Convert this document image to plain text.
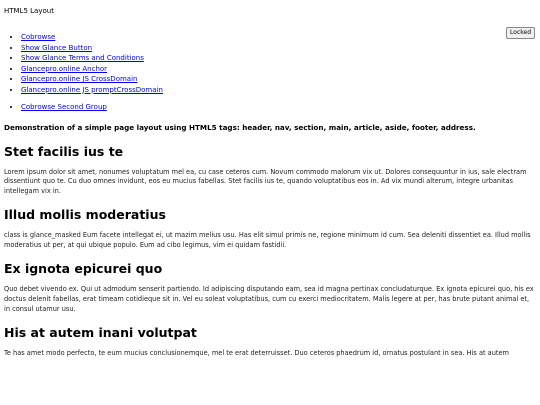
HTML5 Layout

Locked
• Cobrowse
• Show Glance Button
• Show Glance Terms and Conditions
• Glancepro.online Anchor
• Glancepro.online JS CrossDomain
• Glancepro.online JS promptCrossDomain
• Cobrowse Second Group

Demonstration of a simple page layout using HTML5 tags: header, nav, section, main, article, aside, footer, address.

Stet facilis ius te

Lorem ipsum dolor sit amet, nonumes voluptatum mel ea, cu case ceteros cum. Novum commodo malorum vix ut. Dolores consequuntur in ius, sale electram dissentiunt quo te. Cu duo omnes invidunt, eos eu mucius fabellas. Stet facilis ius te, quando voluptatibus eos in. Ad vix mundi alterum, integre urbanitas intellegam vix in.

Illud mollis moderatius

class is glance_masked Eum facete intellegat ei, ut mazim melius usu. Has elit simul primis ne, regione minimum id cum. Sea deleniti dissentiet ea. Illud mollis moderatius ut per, at qui ubique populo. Eum ad cibo legimus, vim ei quidam fastidii.

Ex ignota epicurei quo

Quo debet vivendo ex. Qui ut admodum senserit partiendo. Id adipiscing disputando eam, sea id magna pertinax concludaturque. Ex ignota epicurei quo, his ex doctus delenit fabellas, erat timeam cotidieque sit in. Vel eu soleat voluptatibus, cum cu exerci mediocritatem. Malis legere at per, has brute putant animal et, in consul utamur usu.

His at autem inani volutpat

Te has amet modo perfecto, te eum mucius conclusionemque, mel te erat deterruisset. Duo ceteros phaedrum id, ornatus postulant in sea. His at autem
